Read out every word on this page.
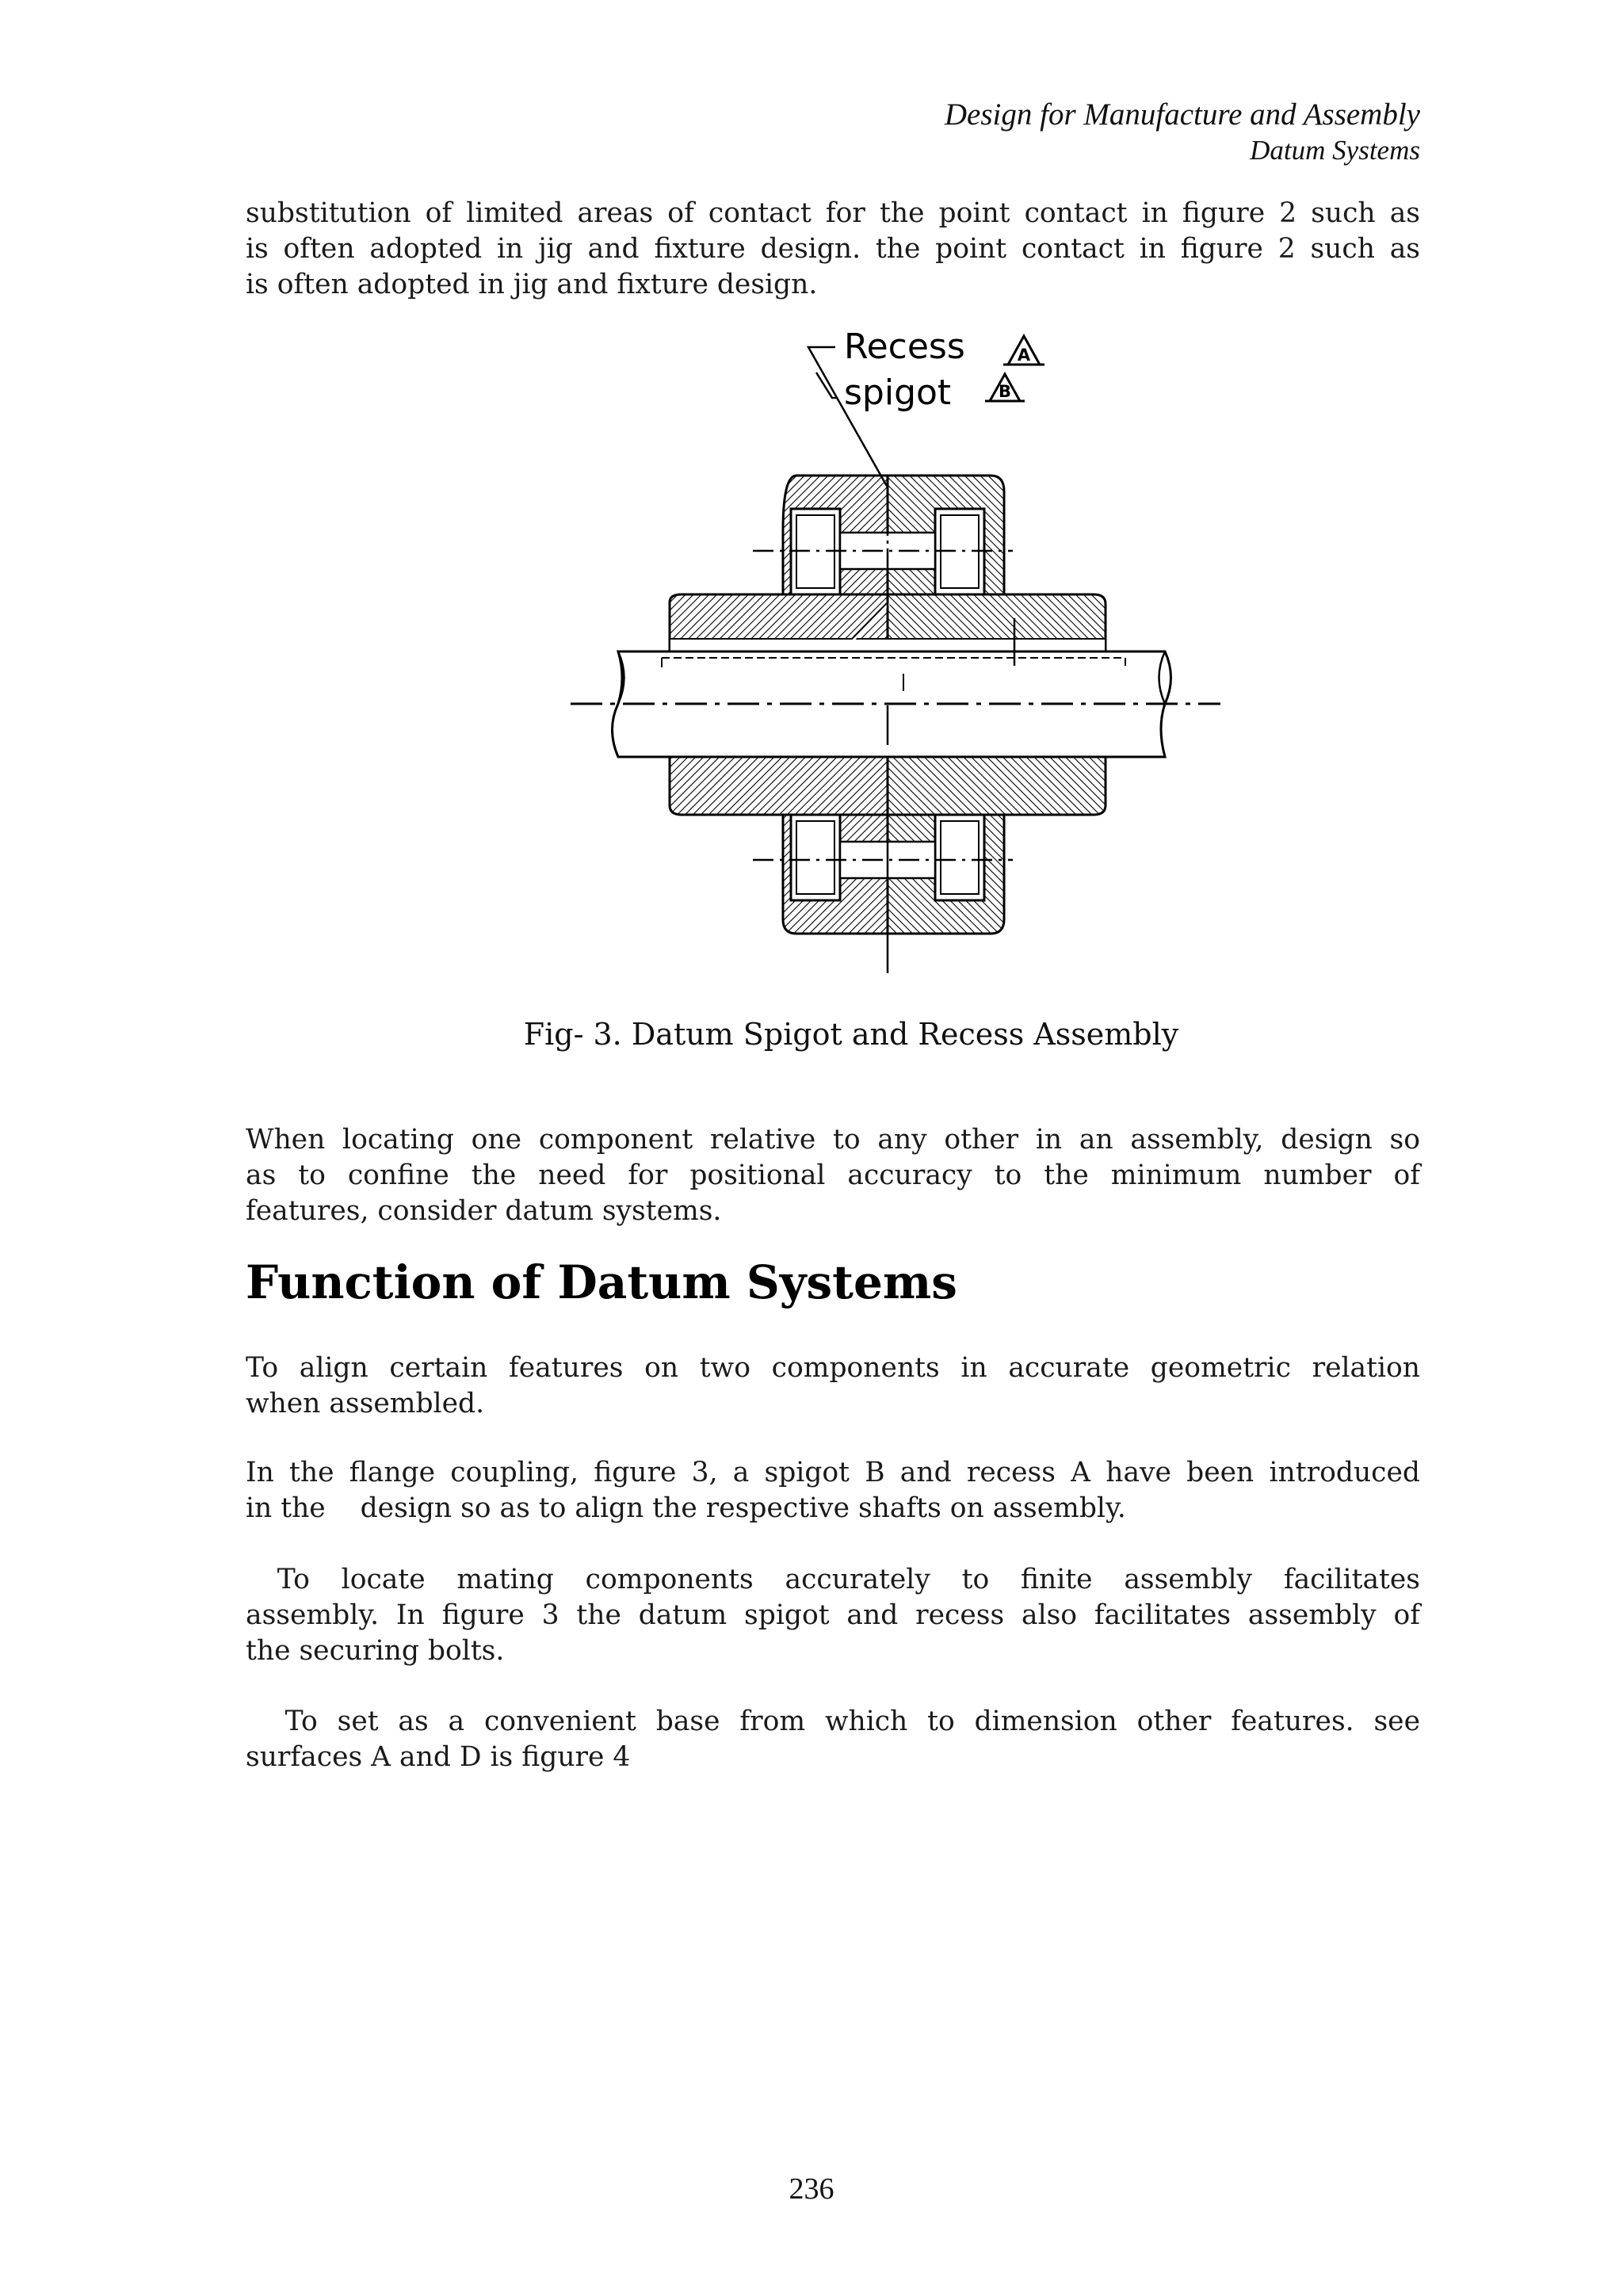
Design for Manufacture and Assembly
Datum Systems

substitution of limited areas of contact for the point contact in figure 2 such as
is often adopted in jig and fixture design. the point contact in figure 2 such as
is often adopted in jig and fixture design.

Recess
spigot
A
B
Fig- 3. Datum Spigot and Recess Assembly

When locating one component relative to any other in an assembly, design so
as to confine the need for positional accuracy to the minimum number of
features, consider datum systems.

Function of Datum Systems

To align certain features on two components in accurate geometric relation
when assembled.

In the flange coupling, figure 3, a spigot B and recess A have been introduced
in the    design so as to align the respective shafts on assembly.

To locate mating components accurately to finite assembly facilitates
assembly. In figure 3 the datum spigot and recess also facilitates assembly of
the securing bolts.

To set as a convenient base from which to dimension other features. see
surfaces A and D is figure 4

236
